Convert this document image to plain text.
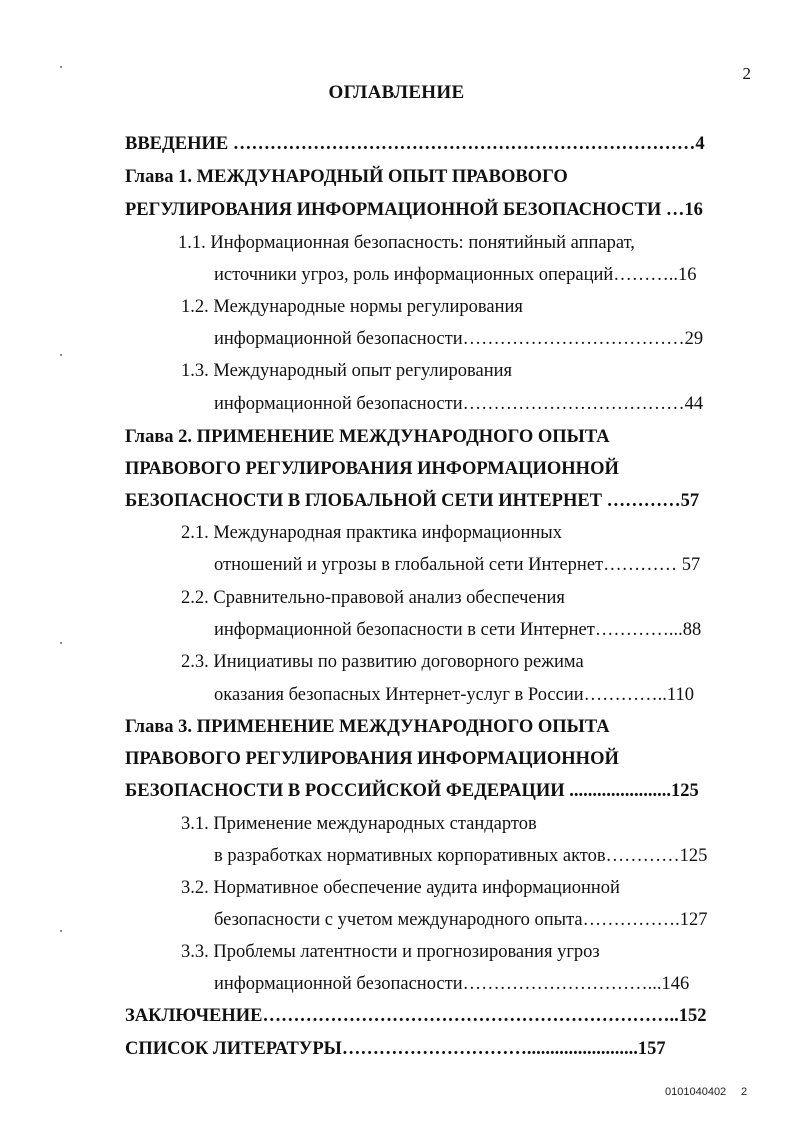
2
ОГЛАВЛЕНИЕ
ВВЕДЕНИЕ …………………………………………………………………4
Глава 1. МЕЖДУНАРОДНЫЙ ОПЫТ ПРАВОВОГО
РЕГУЛИРОВАНИЯ ИНФОРМАЦИОННОЙ БЕЗОПАСНОСТИ …16
1.1. Информационная безопасность: понятийный аппарат,
источники угроз, роль информационных операций………..16
1.2. Международные нормы регулирования
информационной безопасности………………………………29
1.3. Международный опыт регулирования
информационной безопасности………………………………44
Глава 2. ПРИМЕНЕНИЕ МЕЖДУНАРОДНОГО ОПЫТА
ПРАВОВОГО РЕГУЛИРОВАНИЯ ИНФОРМАЦИОННОЙ
БЕЗОПАСНОСТИ В ГЛОБАЛЬНОЙ СЕТИ ИНТЕРНЕТ …………57
2.1. Международная практика информационных
отношений и угрозы в глобальной сети Интернет………… 57
2.2. Сравнительно-правовой анализ обеспечения
информационной безопасности в сети Интернет…………...88
2.3. Инициативы по развитию договорного режима
оказания безопасных Интернет-услуг в России…………..110
Глава 3. ПРИМЕНЕНИЕ МЕЖДУНАРОДНОГО ОПЫТА
ПРАВОВОГО РЕГУЛИРОВАНИЯ ИНФОРМАЦИОННОЙ
БЕЗОПАСНОСТИ В РОССИЙСКОЙ ФЕДЕРАЦИИ ......................125
3.1. Применение международных стандартов
в разработках нормативных корпоративных актов…………125
3.2. Нормативное обеспечение аудита информационной
безопасности с учетом международного опыта…………….127
3.3. Проблемы латентности и прогнозирования угроз
информационной безопасности…………………………...146
ЗАКЛЮЧЕНИЕ…………………………………………………………..152
СПИСОК ЛИТЕРАТУРЫ…………………………........................157
0101040402 2
